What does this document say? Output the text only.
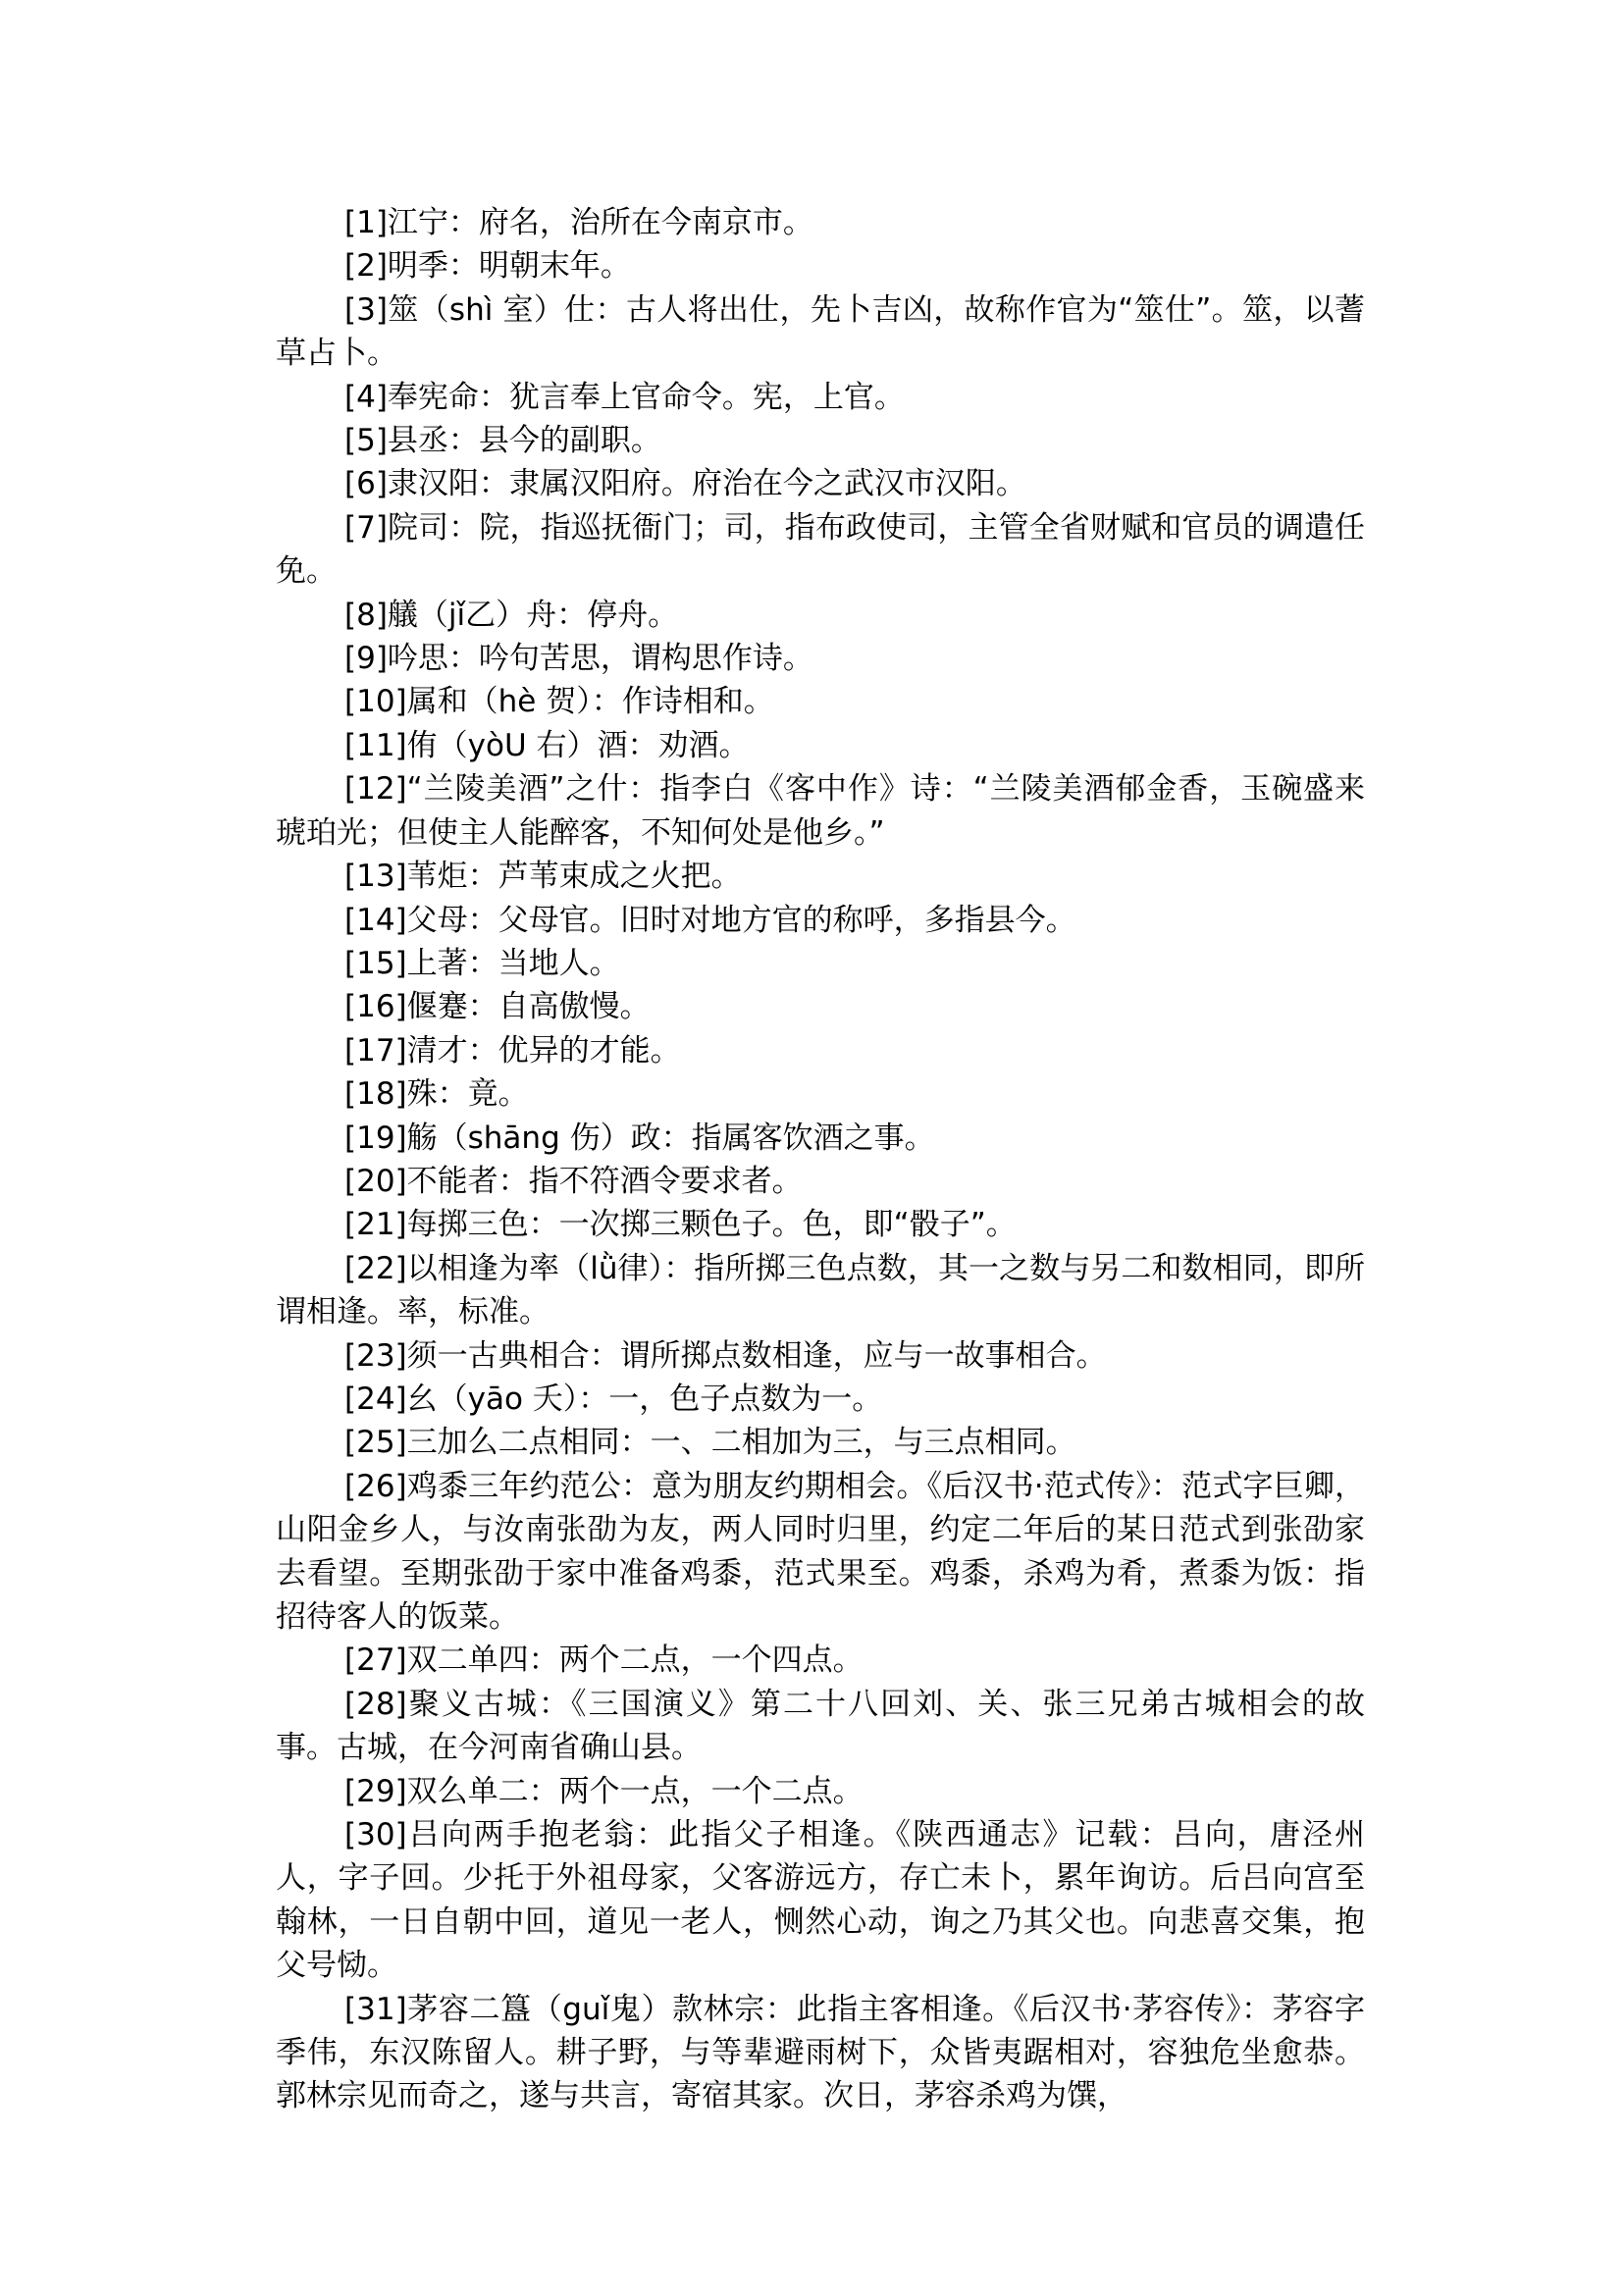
[1]江宁：府名，治所在今南京市。

[2]明季：明朝末年。

[3]筮（shì 室）仕：古人将出仕，先卜吉凶，故称作官为“筮仕”。筮，以蓍草占卜。

[4]奉宪命：犹言奉上官命令。宪，上官。

[5]县丞：县今的副职。

[6]隶汉阳：隶属汉阳府。府治在今之武汉市汉阳。

[7]院司：院，指巡抚衙门；司，指布政使司，主管全省财赋和官员的调遣任免。

[8]艤（jǐ乙）舟：停舟。

[9]吟思：吟句苦思，谓构思作诗。

[10]属和（hè 贺）：作诗相和。

[11]侑（yòU 右）酒：劝酒。

[12]“兰陵美酒”之什：指李白《客中作》诗：“兰陵美酒郁金香，玉碗盛来琥珀光；但使主人能醉客，不知何处是他乡。”

[13]苇炬：芦苇束成之火把。

[14]父母：父母官。旧时对地方官的称呼，多指县今。

[15]上著：当地人。

[16]偃蹇：自高傲慢。

[17]清才：优异的才能。

[18]殊：竟。

[19]觞（shāng 伤）政：指属客饮酒之事。

[20]不能者：指不符酒令要求者。

[21]每掷三色：一次掷三颗色子。色，即“骰子”。

[22]以相逢为率（lǜ律）：指所掷三色点数，其一之数与另二和数相同，即所谓相逢。率，标准。

[23]须一古典相合：谓所掷点数相逢，应与一故事相合。

[24]幺（yāo 夭）：一，色子点数为一。

[25]三加么二点相同：一、二相加为三，与三点相同。

[26]鸡黍三年约范公：意为朋友约期相会。《后汉书·范式传》：范式字巨卿，山阳金乡人，与汝南张劭为友，两人同时归里，约定二年后的某日范式到张劭家去看望。至期张劭于家中准备鸡黍，范式果至。鸡黍，杀鸡为肴，煮黍为饭：指招待客人的饭菜。

[27]双二单四：两个二点，一个四点。

[28]聚义古城：《三国演义》第二十八回刘、关、张三兄弟古城相会的故事。古城，在今河南省确山县。

[29]双么单二：两个一点，一个二点。

[30]吕向两手抱老翁：此指父子相逢。《陕西通志》记载：吕向，唐泾州人，字子回。少托于外祖母家，父客游远方，存亡未卜，累年询访。后吕向宫至翰林，一日自朝中回，道见一老人，恻然心动，询之乃其父也。向悲喜交集，抱父号恸。

[31]茅容二簋（guǐ鬼）款林宗：此指主客相逢。《后汉书·茅容传》：茅容字季伟，东汉陈留人。耕子野，与等辈避雨树下，众皆夷踞相对，容独危坐愈恭。郭林宗见而奇之，遂与共言，寄宿其家。次日，茅容杀鸡为馔，
